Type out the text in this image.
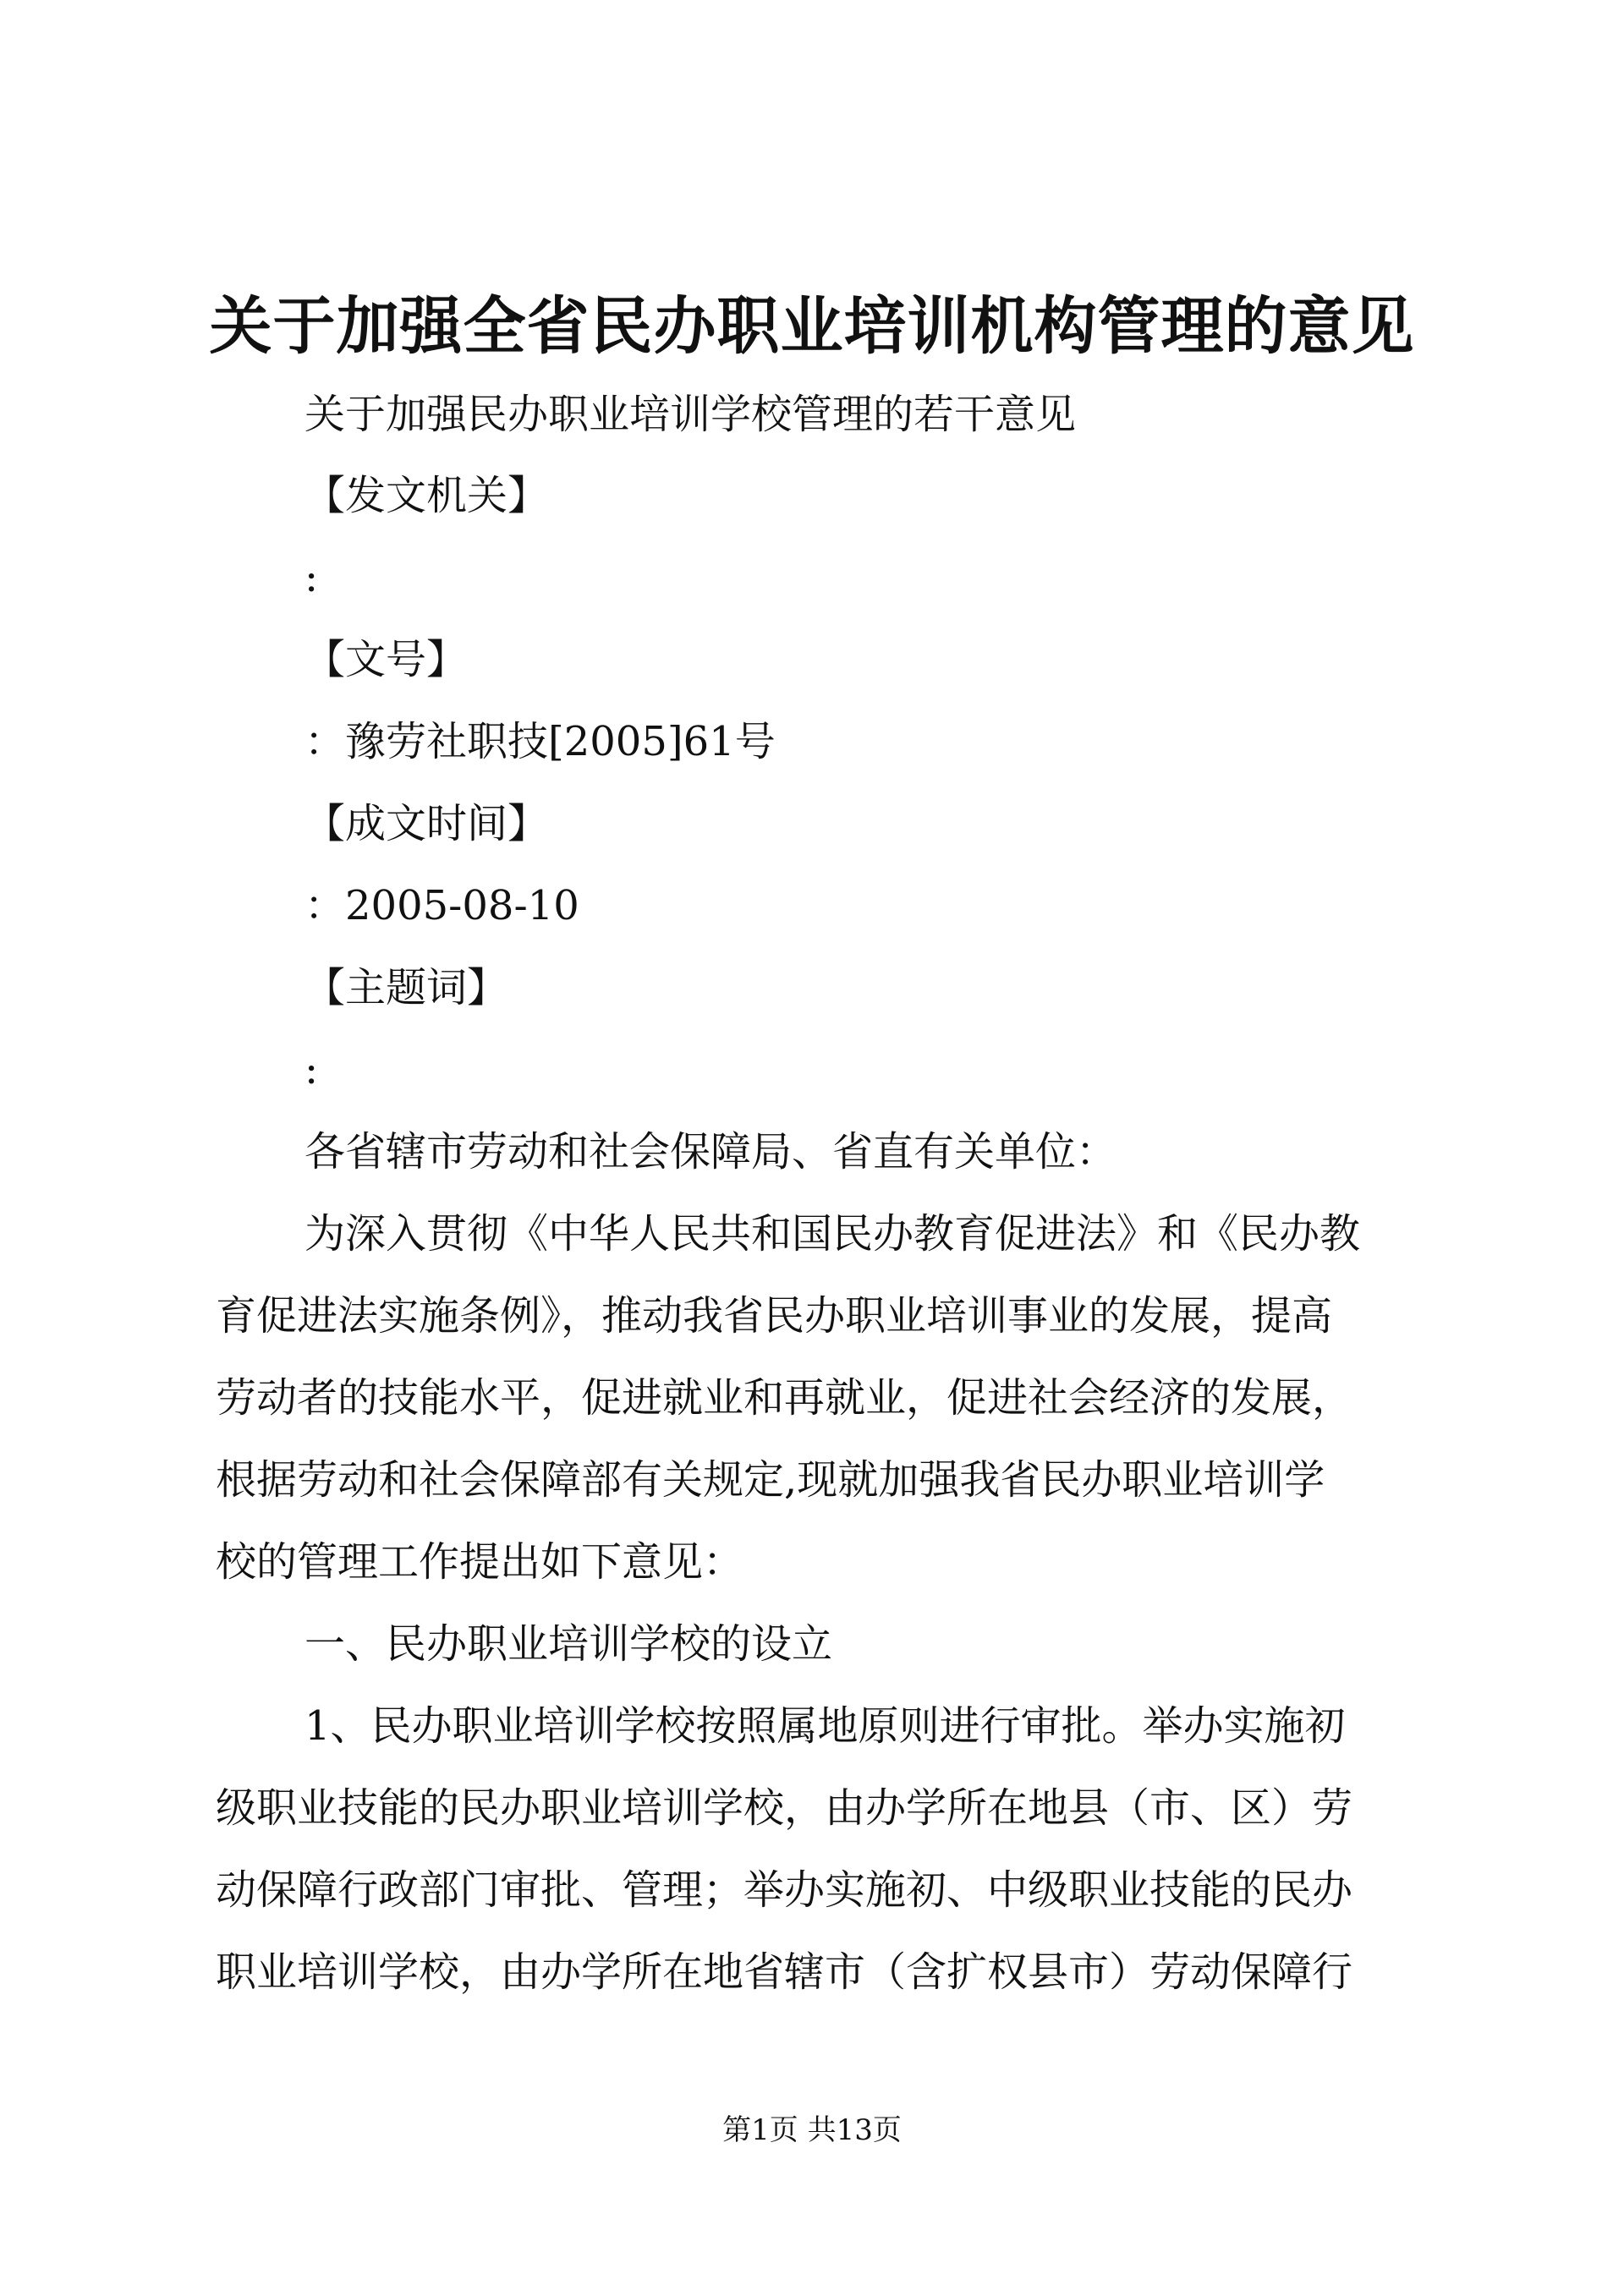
关于加强全省民办职业培训机构管理的意见

关于加强民办职业培训学校管理的若干意见

【发文机关】

:

【文号】

：豫劳社职技[2005]61号

【成文时间】

：2005-08-10

【主题词】

:

各省辖市劳动和社会保障局、省直有关单位：

为深入贯彻《中华人民共和国民办教育促进法》和《民办教

育促进法实施条例》，推动我省民办职业培训事业的发展，提高

劳动者的技能水平，促进就业和再就业，促进社会经济的发展，

根据劳动和社会保障部有关规定,现就加强我省民办职业培训学

校的管理工作提出如下意见：

一、民办职业培训学校的设立

1、民办职业培训学校按照属地原则进行审批。举办实施初

级职业技能的民办职业培训学校，由办学所在地县（市、区）劳

动保障行政部门审批、管理；举办实施初、中级职业技能的民办

职业培训学校，由办学所在地省辖市（含扩权县市）劳动保障行

第1页 共13页
